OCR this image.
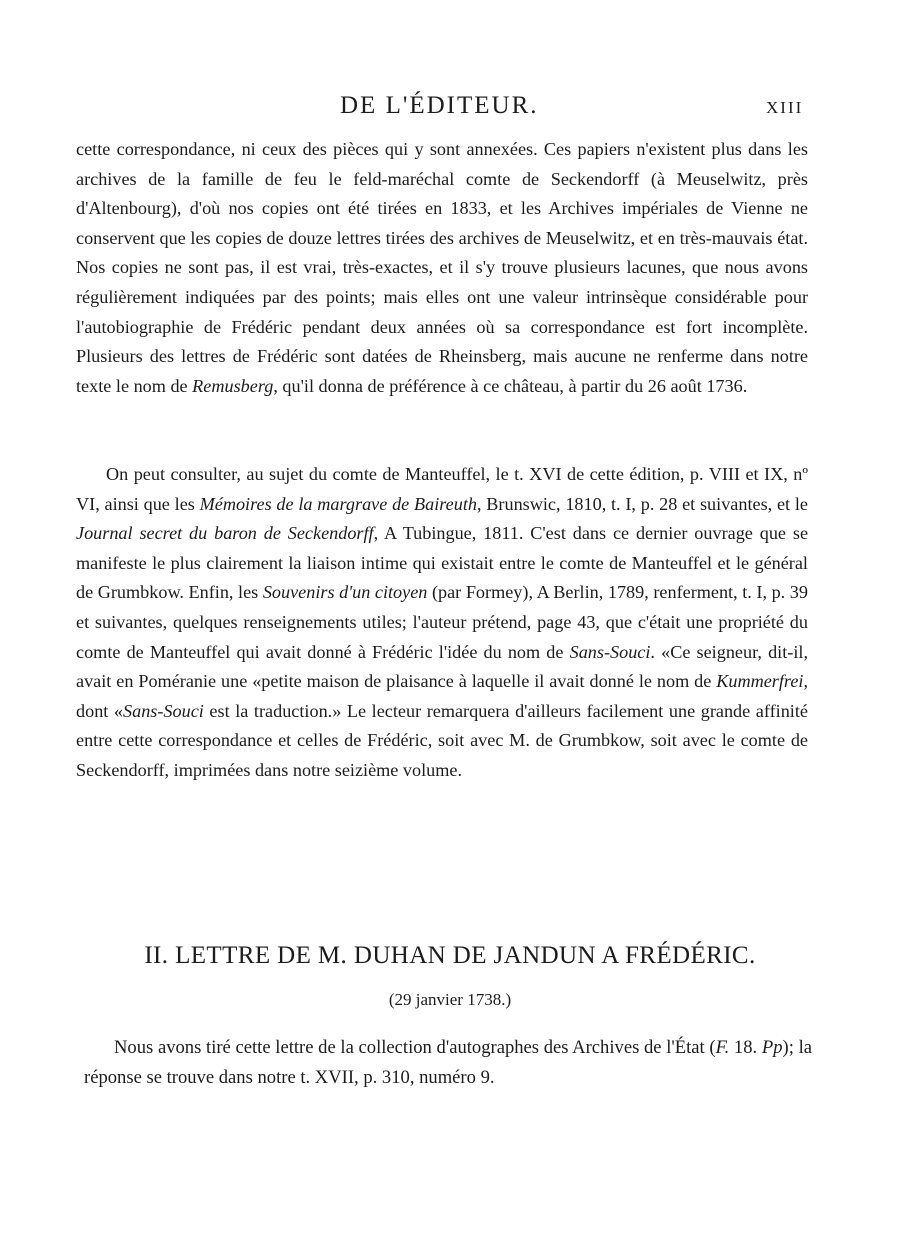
DE L'ÉDITEUR.	XIII

cette correspondance, ni ceux des pièces qui y sont annexées. Ces papiers n'existent plus dans les archives de la famille de feu le feld-maréchal comte de Seckendorff (à Meuselwitz, près d'Altenbourg), d'où nos copies ont été tirées en 1833, et les Archives impériales de Vienne ne conservent que les copies de douze lettres tirées des archives de Meuselwitz, et en très-mauvais état. Nos copies ne sont pas, il est vrai, très-exactes, et il s'y trouve plusieurs lacunes, que nous avons régulièrement indiquées par des points; mais elles ont une valeur intrinsèque considérable pour l'autobiographie de Frédéric pendant deux années où sa correspondance est fort incomplète. Plusieurs des lettres de Frédéric sont datées de Rheinsberg, mais aucune ne renferme dans notre texte le nom de Remusberg, qu'il donna de préférence à ce château, à partir du 26 août 1736.

On peut consulter, au sujet du comte de Manteuffel, le t. XVI de cette édition, p. VIII et IX, nº VI, ainsi que les Mémoires de la margrave de Baireuth, Brunswic, 1810, t. I, p. 28 et suivantes, et le Journal secret du baron de Seckendorff, A Tubingue, 1811. C'est dans ce dernier ouvrage que se manifeste le plus clairement la liaison intime qui existait entre le comte de Manteuffel et le général de Grumbkow. Enfin, les Souvenirs d'un citoyen (par Formey), A Berlin, 1789, renferment, t. I, p. 39 et suivantes, quelques renseignements utiles; l'auteur prétend, page 43, que c'était une propriété du comte de Manteuffel qui avait donné à Frédéric l'idée du nom de Sans-Souci. «Ce seigneur, dit-il, avait en Poméranie une «petite maison de plaisance à laquelle il avait donné le nom de Kummerfrei, dont «Sans-Souci est la traduction.» Le lecteur remarquera d'ailleurs facilement une grande affinité entre cette correspondance et celles de Frédéric, soit avec M. de Grumbkow, soit avec le comte de Seckendorff, imprimées dans notre seizième volume.

II. LETTRE DE M. DUHAN DE JANDUN A FRÉDÉRIC.
(29 janvier 1738.)

Nous avons tiré cette lettre de la collection d'autographes des Archives de l'État (F. 18. Pp); la réponse se trouve dans notre t. XVII, p. 310, numéro 9.
